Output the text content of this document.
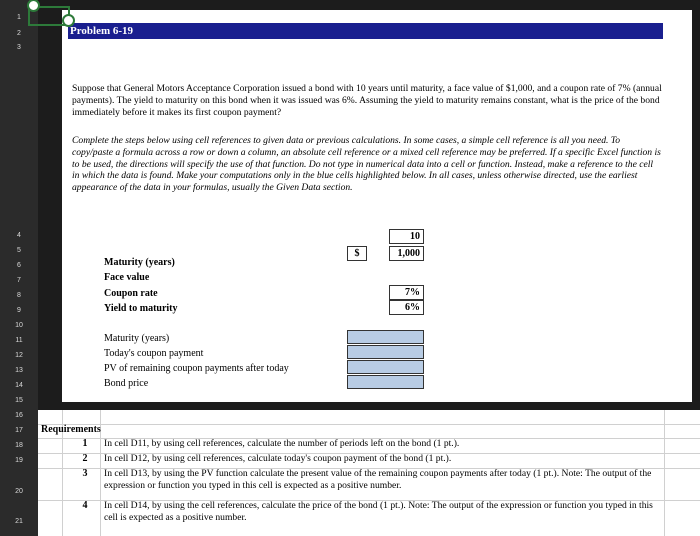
1
2
3
4
5
6
7
8
9
10
11
12
13
14
15
16
17
18
19
20
21
Problem 6-19
Suppose that General Motors Acceptance Corporation issued a bond with 10 years until maturity, a face value of $1,000, and a coupon rate of 7% (annual payments). The yield to maturity on this bond when it was issued was 6%. Assuming the yield to maturity remains constant, what is the price of the bond immediately before it makes its first coupon payment?
Complete the steps below using cell references to given data or previous calculations. In some cases, a simple cell reference is all you need. To copy/paste a formula across a row or down a column, an absolute cell reference or a mixed cell reference may be preferred. If a specific Excel function is to be used, the directions will specify the use of that function. Do not type in numerical data into a cell or function. Instead, make a reference to the cell in which the data is found. Make your computations only in the blue cells highlighted below. In all cases, unless otherwise directed, use the earliest appearance of the data in your formulas, usually the Given Data section.
Maturity (years)
Face value
Coupon rate
Yield to maturity
$
10
1,000
7%
6%
Maturity (years)
Today's coupon payment
PV of remaining coupon payments after today
Bond price
Requirements
1 In cell D11, by using cell references, calculate the number of periods left on the bond (1 pt.).
2 In cell D12, by using cell references, calculate today's coupon payment of the bond (1 pt.).
3 In cell D13, by using the PV function calculate the present value of the remaining coupon payments after today (1 pt.). Note: The output of the expression or function you typed in this cell is expected as a positive number.
4 In cell D14, by using the cell references, calculate the price of the bond (1 pt.). Note: The output of the expression or function you typed in this cell is expected as a positive number.
